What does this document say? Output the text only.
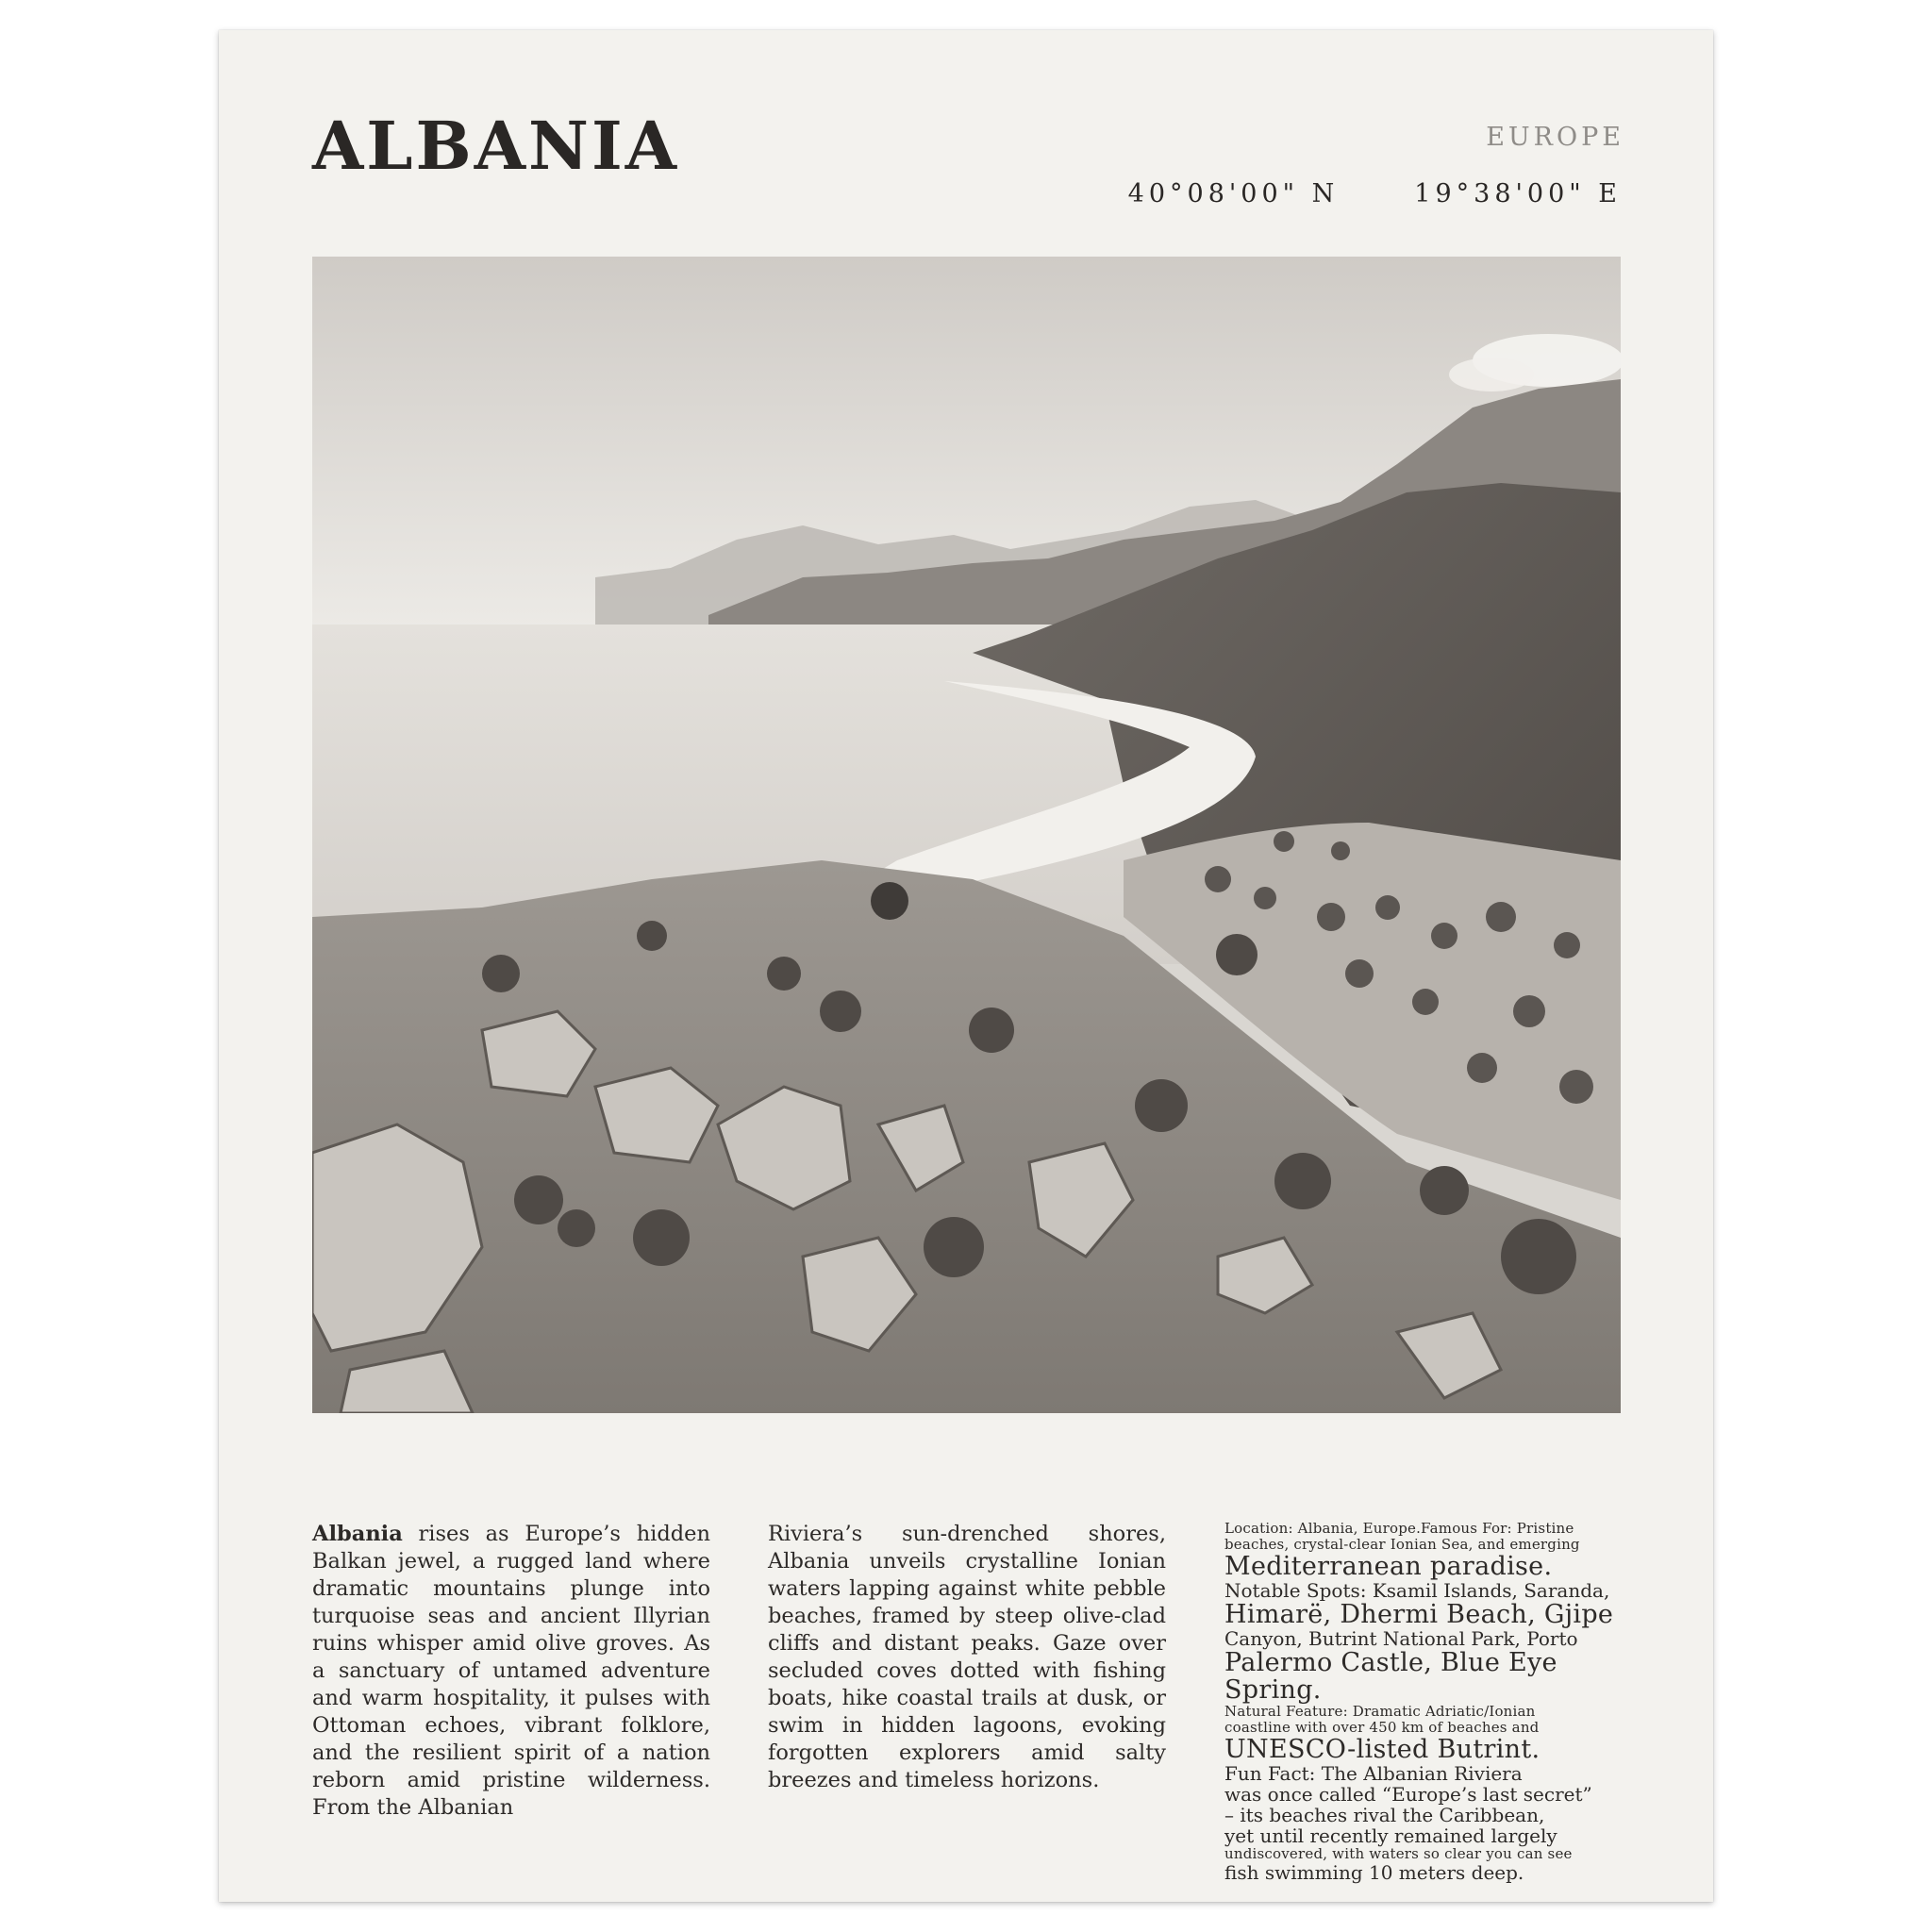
ALBANIA	EUROPE
40°08'00" N	19°38'00" E

Albania rises as Europe’s hidden Balkan jewel, a rugged land where dramatic mountains plunge into turquoise seas and ancient Illyrian ruins whisper amid olive groves. As a sanctuary of untamed adventure and warm hospitality, it pulses with Ottoman echoes, vibrant folklore, and the resilient spirit of a nation reborn amid pristine wilderness. From the Albanian

Riviera’s sun-drenched shores, Albania unveils crystalline Ionian waters lapping against white pebble beaches, framed by steep olive-clad cliffs and distant peaks. Gaze over secluded coves dotted with fishing boats, hike coastal trails at dusk, or swim in hidden lagoons, evoking forgotten explorers amid salty breezes and timeless horizons.

Location: Albania, Europe.Famous For: Pristine
beaches, crystal-clear Ionian Sea, and emerging
Mediterranean paradise.
Notable Spots: Ksamil Islands, Saranda,
Himarë, Dhermi Beach, Gjipe
Canyon, Butrint National Park, Porto
Palermo Castle, Blue Eye Spring.
Natural Feature: Dramatic Adriatic/Ionian
coastline with over 450 km of beaches and
UNESCO-listed Butrint.
Fun Fact: The Albanian Riviera
was once called “Europe’s last secret”
– its beaches rival the Caribbean,
yet until recently remained largely
undiscovered, with waters so clear you can see
fish swimming 10 meters deep.
